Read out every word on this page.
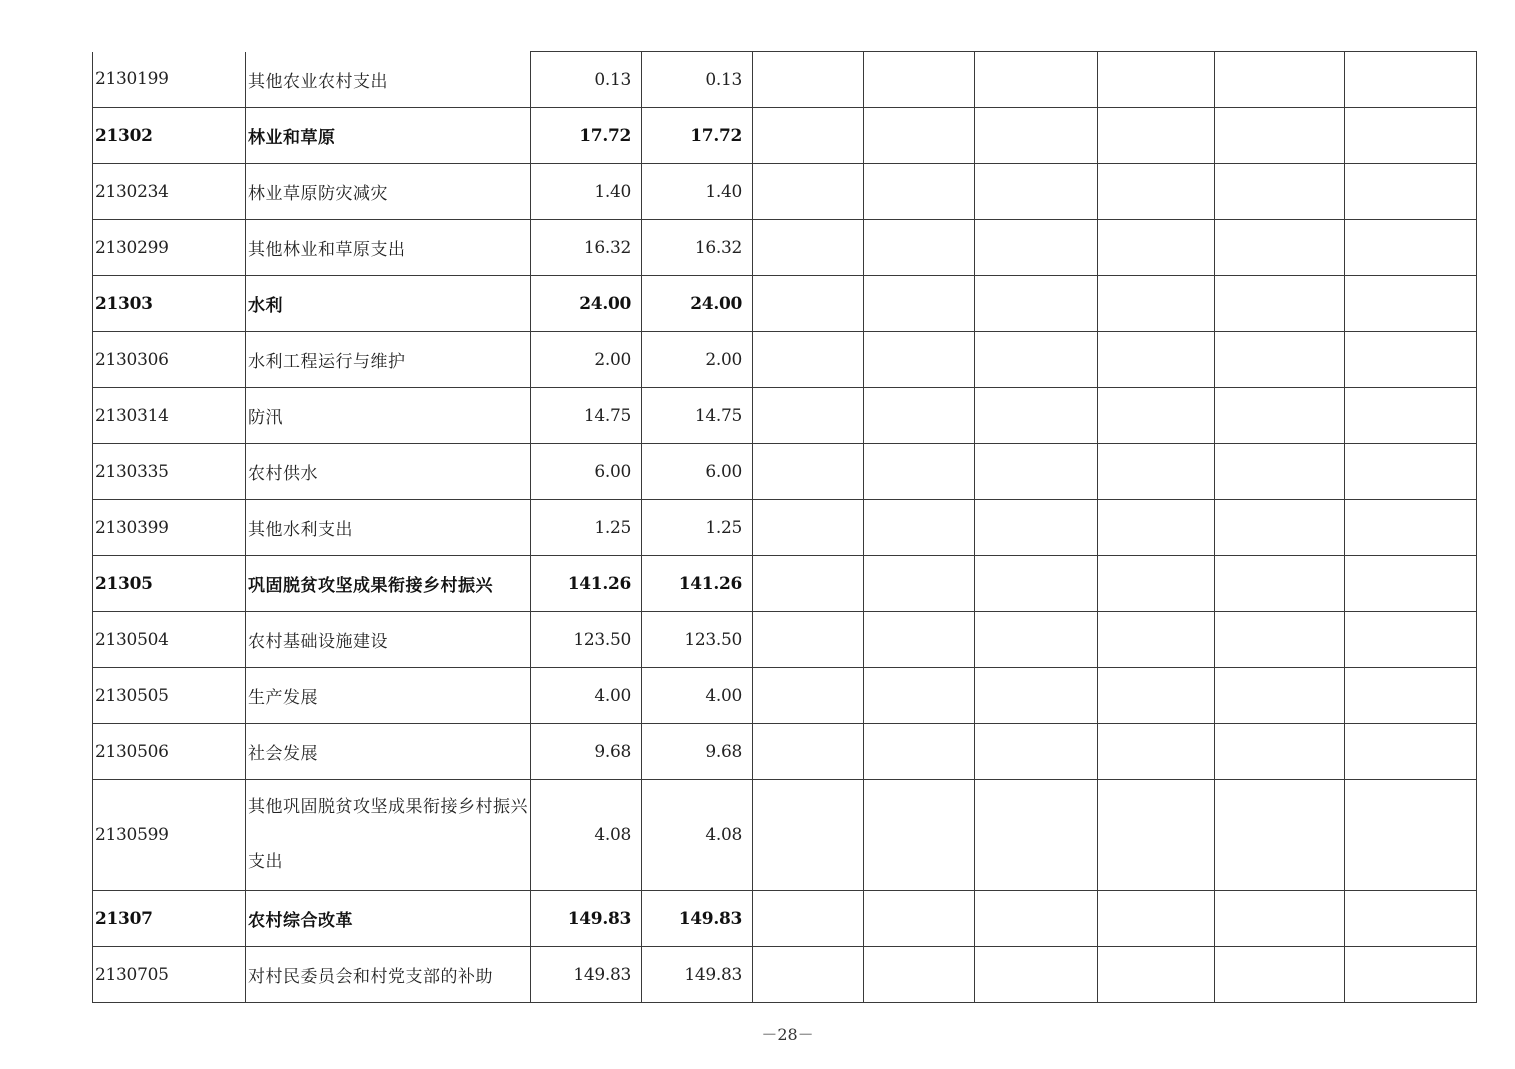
2130199	其他农业农村支出	0.13	0.13						
21302	林业和草原	17.72	17.72						
2130234	林业草原防灾减灾	1.40	1.40						
2130299	其他林业和草原支出	16.32	16.32						
21303	水利	24.00	24.00						
2130306	水利工程运行与维护	2.00	2.00						
2130314	防汛	14.75	14.75						
2130335	农村供水	6.00	6.00						
2130399	其他水利支出	1.25	1.25						
21305	巩固脱贫攻坚成果衔接乡村振兴	141.26	141.26						
2130504	农村基础设施建设	123.50	123.50						
2130505	生产发展	4.00	4.00						
2130506	社会发展	9.68	9.68						
2130599	其他巩固脱贫攻坚成果衔接乡村振兴支出	4.08	4.08						
21307	农村综合改革	149.83	149.83						
2130705	对村民委员会和村党支部的补助	149.83	149.83						
－28－
